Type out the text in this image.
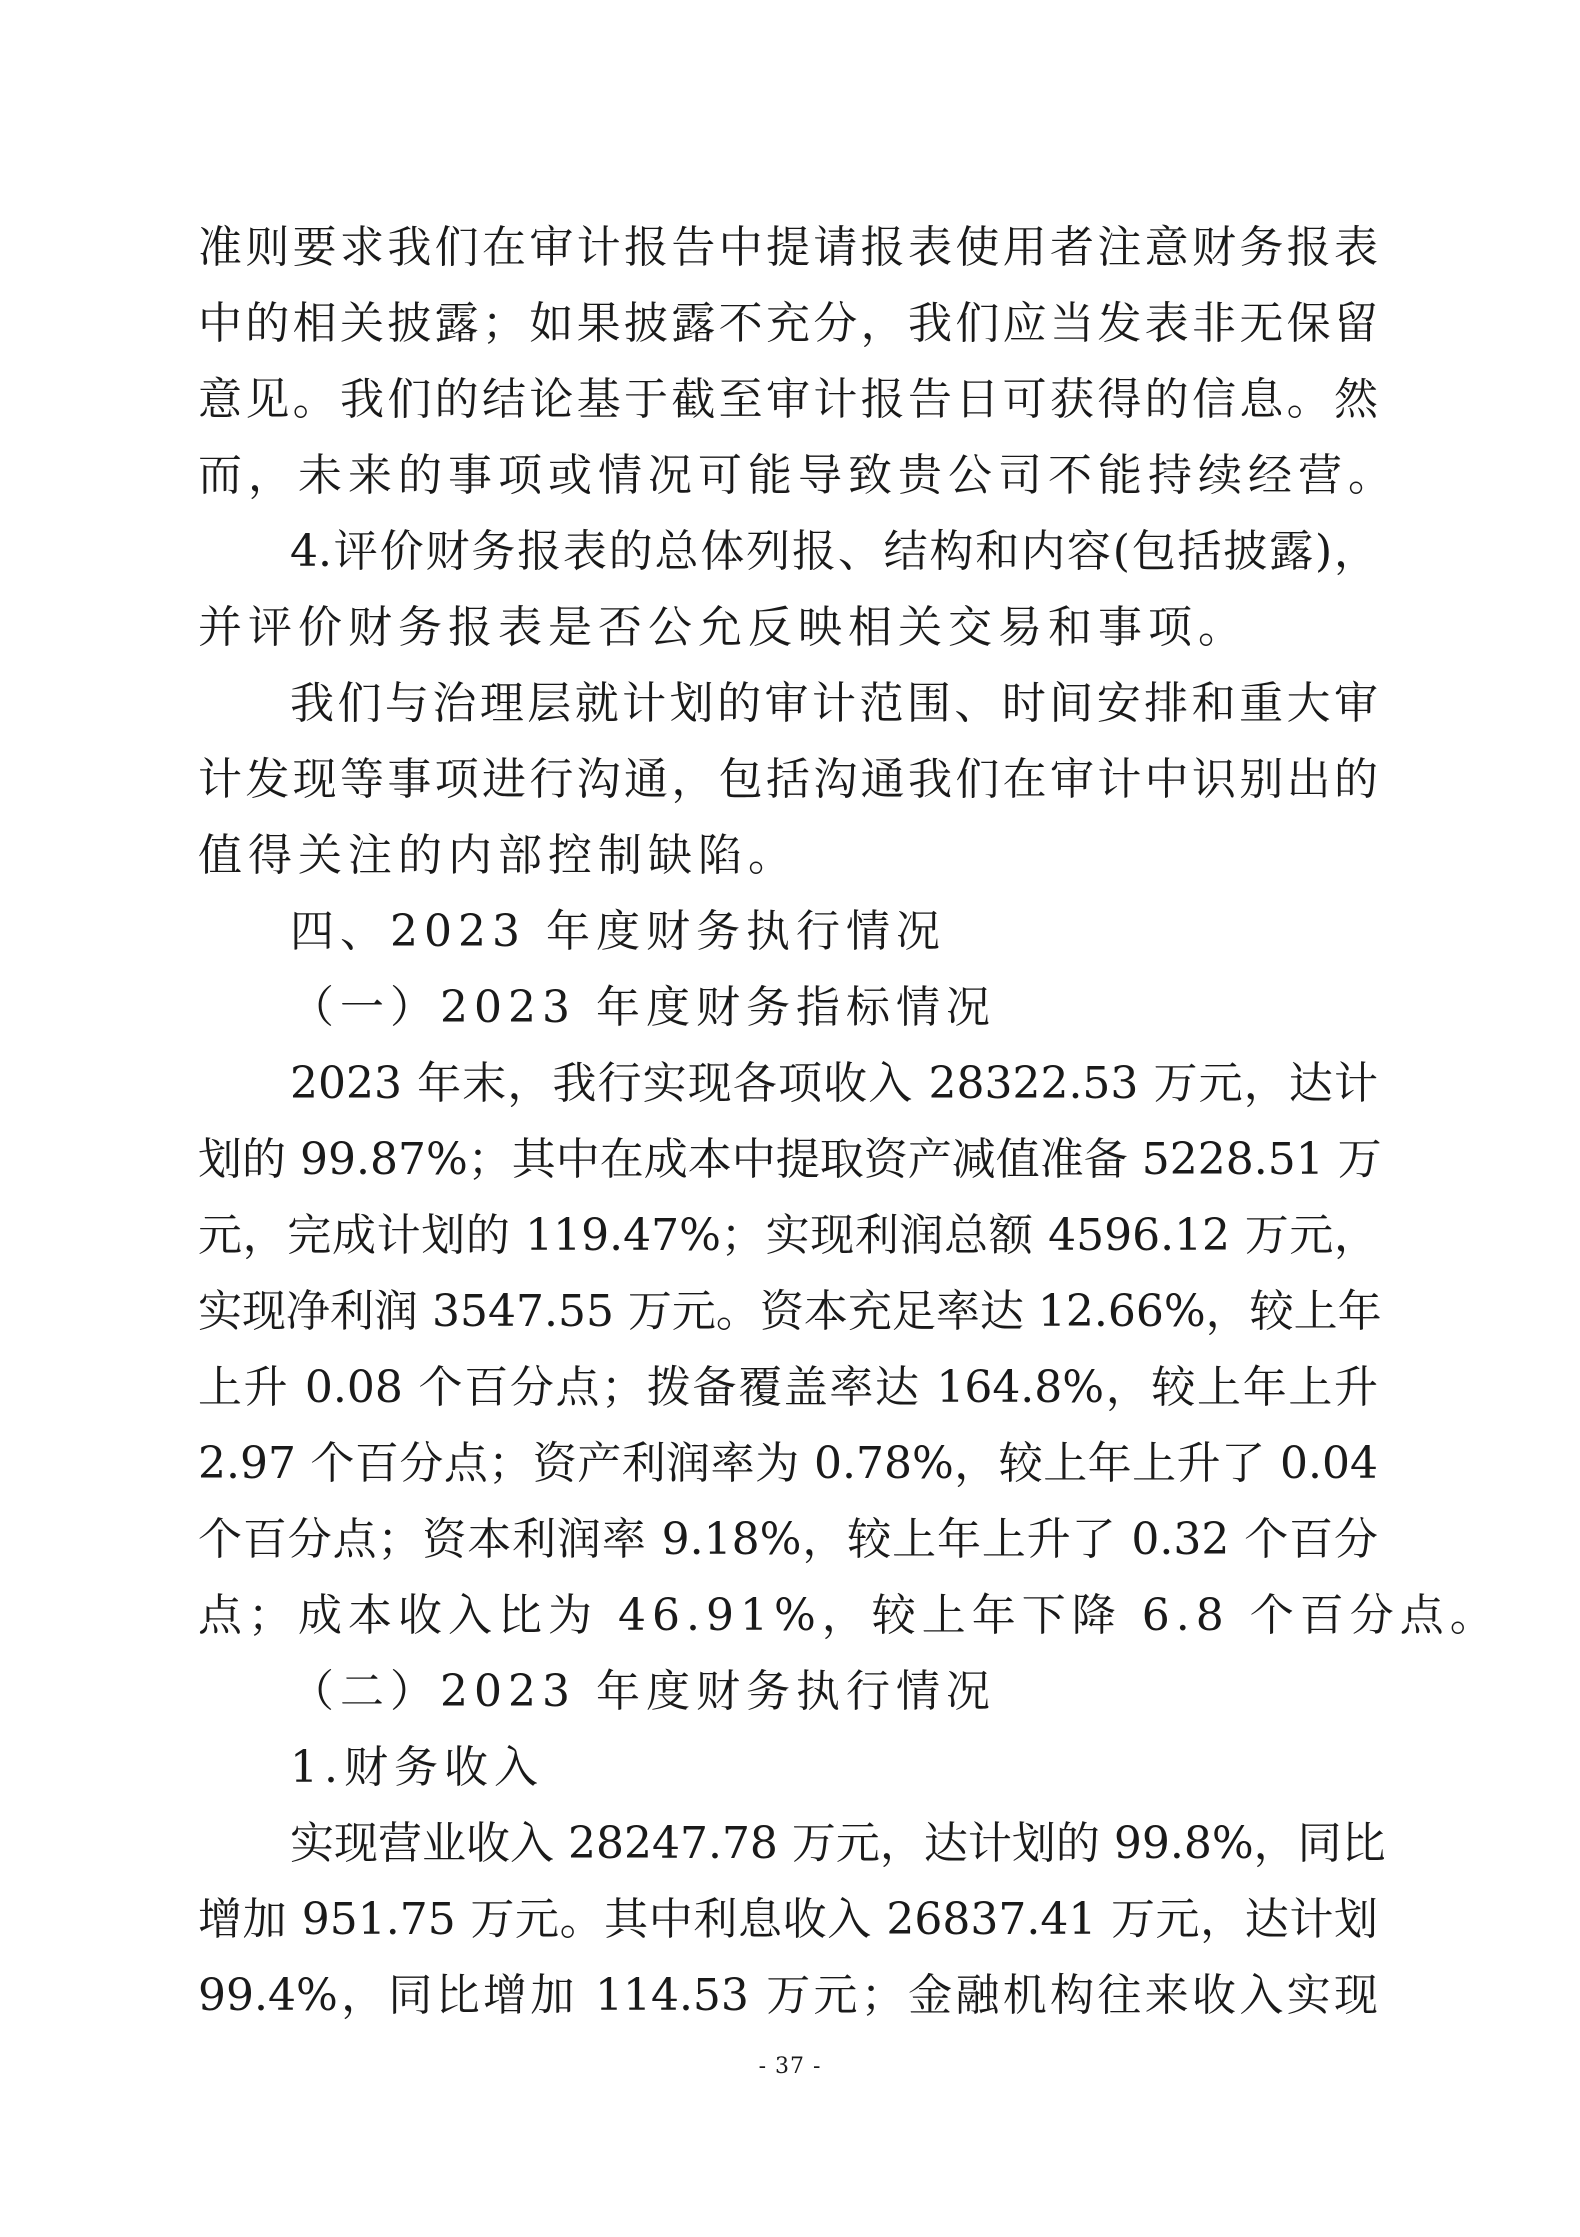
准则要求我们在审计报告中提请报表使用者注意财务报表
中的相关披露；如果披露不充分，我们应当发表非无保留
意见。我们的结论基于截至审计报告日可获得的信息。然
而，未来的事项或情况可能导致贵公司不能持续经营。
4.评价财务报表的总体列报、结构和内容(包括披露)，
并评价财务报表是否公允反映相关交易和事项。
我们与治理层就计划的审计范围、时间安排和重大审
计发现等事项进行沟通，包括沟通我们在审计中识别出的
值得关注的内部控制缺陷。
四、2023 年度财务执行情况
（一）2023 年度财务指标情况
2023 年末，我行实现各项收入 28322.53 万元，达计
划的 99.87%；其中在成本中提取资产减值准备 5228.51 万
元，完成计划的 119.47%；实现利润总额 4596.12 万元，
实现净利润 3547.55 万元。资本充足率达 12.66%，较上年
上升 0.08 个百分点；拨备覆盖率达 164.8%，较上年上升
2.97 个百分点；资产利润率为 0.78%，较上年上升了 0.04
个百分点；资本利润率 9.18%，较上年上升了 0.32 个百分
点；成本收入比为 46.91%，较上年下降 6.8 个百分点。
（二）2023 年度财务执行情况
1.财务收入
实现营业收入 28247.78 万元，达计划的 99.8%，同比
增加 951.75 万元。其中利息收入 26837.41 万元，达计划
99.4%，同比增加 114.53 万元；金融机构往来收入实现
- 37 -
